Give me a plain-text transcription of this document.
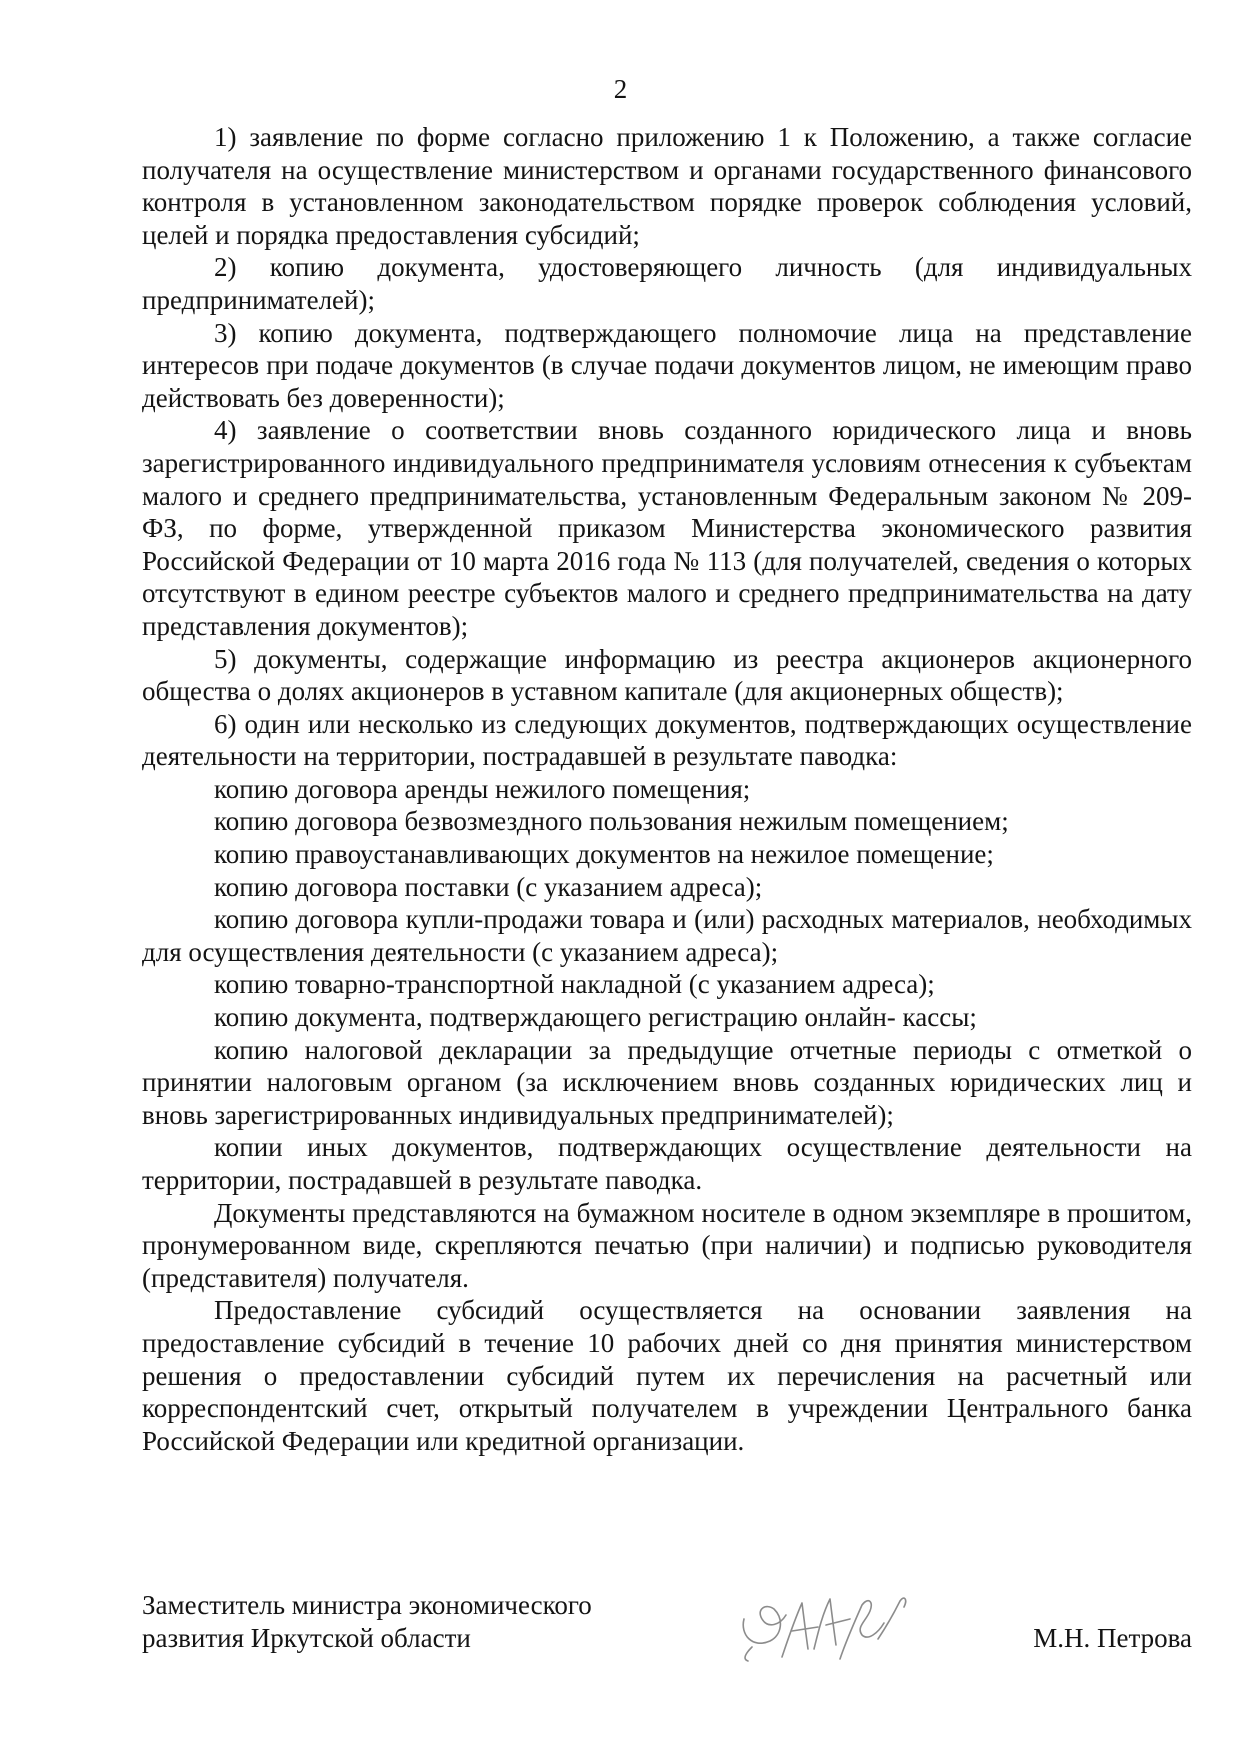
2

1) заявление по форме согласно приложению 1 к Положению, а также согласие получателя на осуществление министерством и органами государственного финансового контроля в установленном законодательством порядке проверок соблюдения условий, целей и порядка предоставления субсидий;

2) копию документа, удостоверяющего личность (для индивидуальных предпринимателей);

3) копию документа, подтверждающего полномочие лица на представление интересов при подаче документов (в случае подачи документов лицом, не имеющим право действовать без доверенности);

4) заявление о соответствии вновь созданного юридического лица и вновь зарегистрированного индивидуального предпринимателя условиям отнесения к субъектам малого и среднего предпринимательства, установленным Федеральным законом № 209-ФЗ, по форме, утвержденной приказом Министерства экономического развития Российской Федерации от 10 марта 2016 года № 113 (для получателей, сведения о которых отсутствуют в едином реестре субъектов малого и среднего предпринимательства на дату представления документов);

5) документы, содержащие информацию из реестра акционеров акционерного общества о долях акционеров в уставном капитале (для акционерных обществ);

6) один или несколько из следующих документов, подтверждающих осуществление деятельности на территории, пострадавшей в результате паводка:

копию договора аренды нежилого помещения;

копию договора безвозмездного пользования нежилым помещением;

копию правоустанавливающих документов на нежилое помещение;

копию договора поставки (с указанием адреса);

копию договора купли-продажи товара и (или) расходных материалов, необходимых для осуществления деятельности (с указанием адреса);

копию товарно-транспортной накладной (с указанием адреса);

копию документа, подтверждающего регистрацию онлайн- кассы;

копию налоговой декларации за предыдущие отчетные периоды с отметкой о принятии налоговым органом (за исключением вновь созданных юридических лиц и вновь зарегистрированных индивидуальных предпринимателей);

копии иных документов, подтверждающих осуществление деятельности на территории, пострадавшей в результате паводка.

Документы представляются на бумажном носителе в одном экземпляре в прошитом, пронумерованном виде, скрепляются печатью (при наличии) и подписью руководителя (представителя) получателя.

Предоставление субсидий осуществляется на основании заявления на предоставление субсидий в течение 10 рабочих дней со дня принятия министерством решения о предоставлении субсидий путем их перечисления на расчетный или корреспондентский счет, открытый получателем в учреждении Центрального банка Российской Федерации или кредитной организации.

Заместитель министра экономического
развития Иркутской области	М.Н. Петрова
